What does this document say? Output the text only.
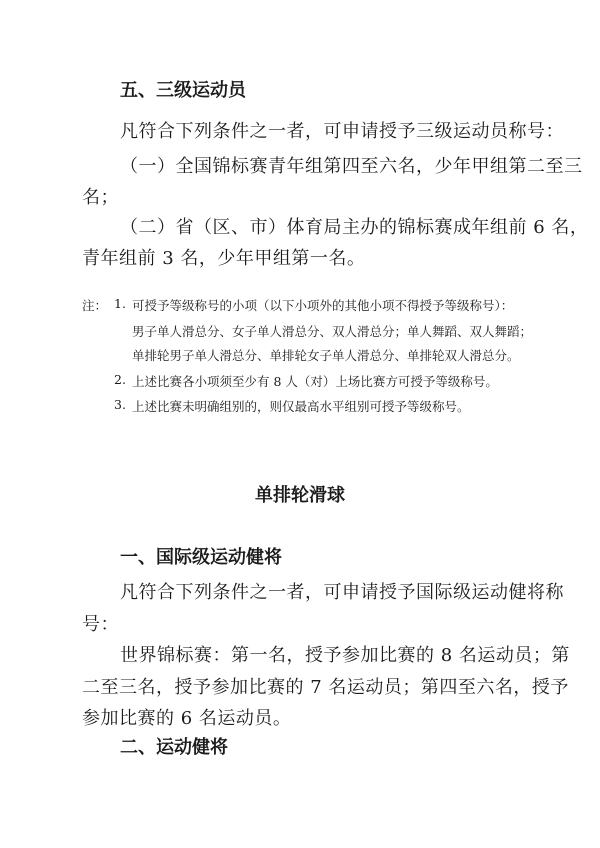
五、三级运动员
凡符合下列条件之一者，可申请授予三级运动员称号：
（一）全国锦标赛青年组第四至六名，少年甲组第二至三
名；
（二）省（区、市）体育局主办的锦标赛成年组前 6 名，
青年组前 3 名，少年甲组第一名。
注： 1. 可授予等级称号的小项（以下小项外的其他小项不得授予等级称号）：
男子单人滑总分、女子单人滑总分、双人滑总分；单人舞蹈、双人舞蹈；
单排轮男子单人滑总分、单排轮女子单人滑总分、单排轮双人滑总分。
2. 上述比赛各小项须至少有 8 人（对）上场比赛方可授予等级称号。
3. 上述比赛未明确组别的，则仅最高水平组别可授予等级称号。
单排轮滑球
一、国际级运动健将
凡符合下列条件之一者，可申请授予国际级运动健将称
号：
世界锦标赛：第一名，授予参加比赛的 8 名运动员；第
二至三名，授予参加比赛的 7 名运动员；第四至六名，授予
参加比赛的 6 名运动员。
二、运动健将
